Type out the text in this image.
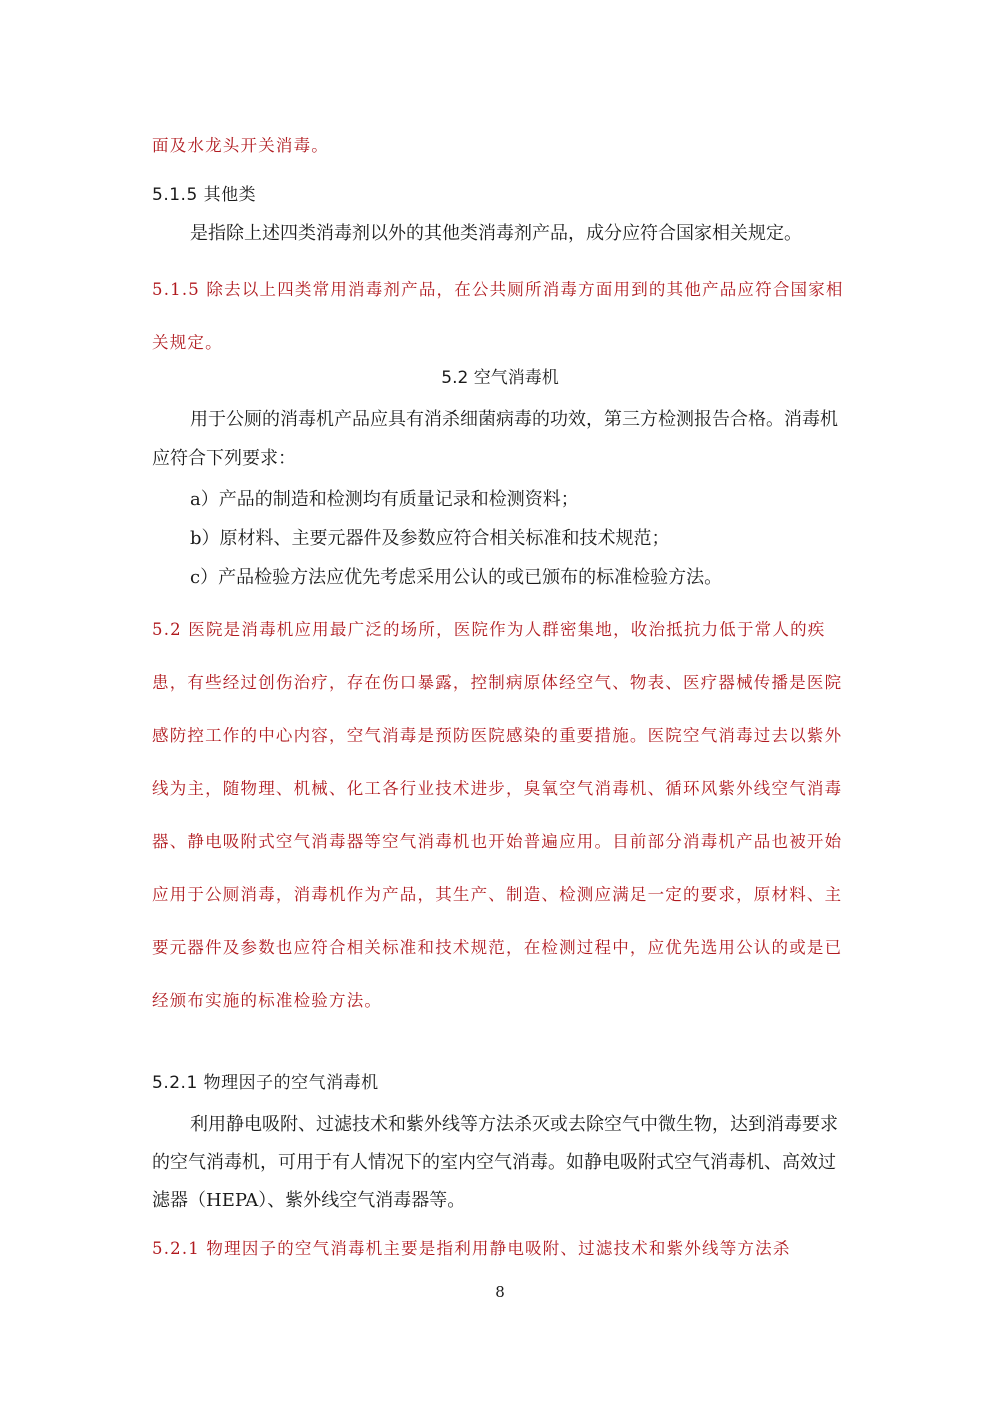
面及水龙头开关消毒。

5.1.5 其他类

是指除上述四类消毒剂以外的其他类消毒剂产品，成分应符合国家相关规定。

5.1.5 除去以上四类常用消毒剂产品，在公共厕所消毒方面用到的其他产品应符合国家相关规定。

5.2 空气消毒机

用于公厕的消毒机产品应具有消杀细菌病毒的功效，第三方检测报告合格。消毒机应符合下列要求：

a）产品的制造和检测均有质量记录和检测资料；

b）原材料、主要元器件及参数应符合相关标准和技术规范；

c）产品检验方法应优先考虑采用公认的或已颁布的标准检验方法。

5.2 医院是消毒机应用最广泛的场所，医院作为人群密集地，收治抵抗力低于常人的疾患，有些经过创伤治疗，存在伤口暴露，控制病原体经空气、物表、医疗器械传播是医院感防控工作的中心内容，空气消毒是预防医院感染的重要措施。医院空气消毒过去以紫外线为主，随物理、机械、化工各行业技术进步，臭氧空气消毒机、循环风紫外线空气消毒器、静电吸附式空气消毒器等空气消毒机也开始普遍应用。目前部分消毒机产品也被开始应用于公厕消毒，消毒机作为产品，其生产、制造、检测应满足一定的要求，原材料、主要元器件及参数也应符合相关标准和技术规范，在检测过程中，应优先选用公认的或是已经颁布实施的标准检验方法。

5.2.1 物理因子的空气消毒机

利用静电吸附、过滤技术和紫外线等方法杀灭或去除空气中微生物，达到消毒要求的空气消毒机，可用于有人情况下的室内空气消毒。如静电吸附式空气消毒机、高效过滤器（HEPA）、紫外线空气消毒器等。

5.2.1 物理因子的空气消毒机主要是指利用静电吸附、过滤技术和紫外线等方法杀

8
